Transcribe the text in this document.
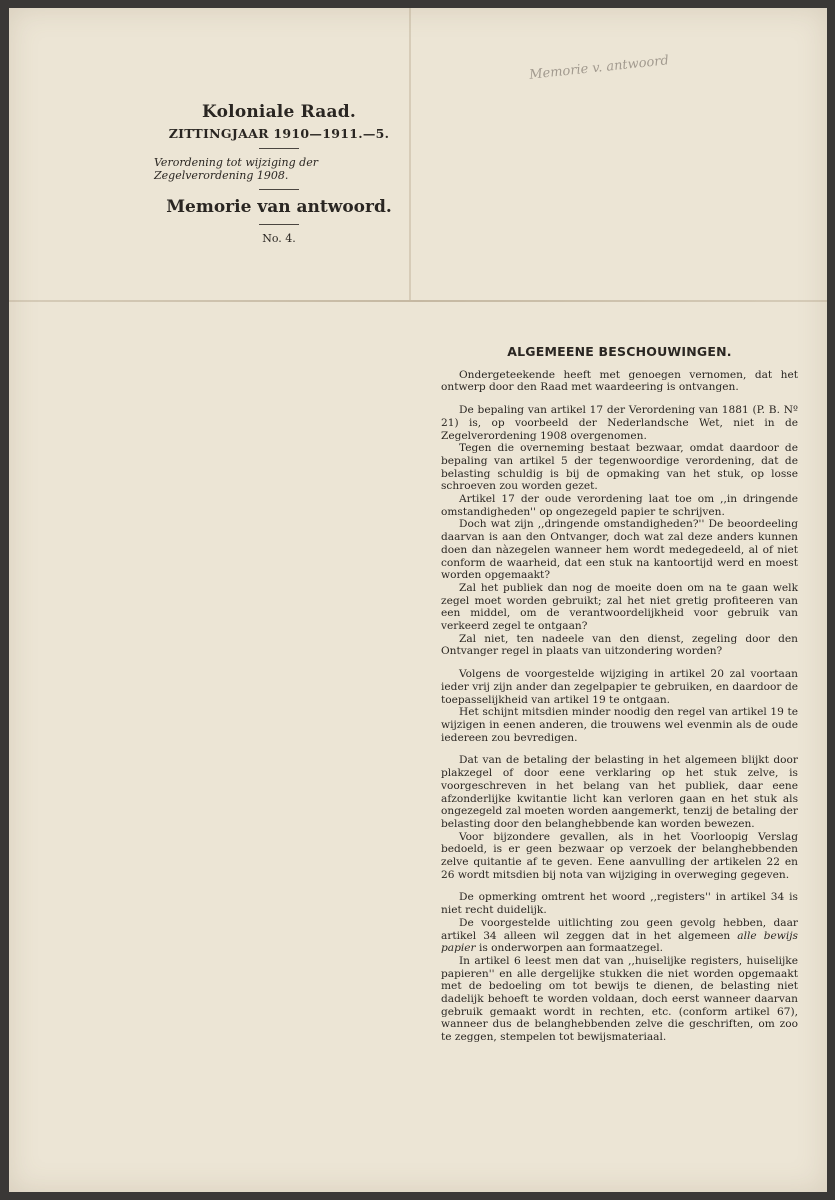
Memorie v. antwoord

Koloniale Raad.

ZITTINGJAAR 1910—1911.—5.

Verordening tot wijziging der Zegelverordening 1908.

Memorie van antwoord.

No. 4.

ALGEMEENE BESCHOUWINGEN.

Ondergeteekende heeft met genoegen vernomen, dat het ontwerp door den Raad met waardeering is ontvangen.

De bepaling van artikel 17 der Verordening van 1881 (P. B. Nº 21) is, op voorbeeld der Nederlandsche Wet, niet in de Zegelverordening 1908 overgenomen.

Tegen die overneming bestaat bezwaar, omdat daardoor de bepaling van artikel 5 der tegenwoordige verordening, dat de belasting schuldig is bij de opmaking van het stuk, op losse schroeven zou worden gezet.

Artikel 17 der oude verordening laat toe om ,,in dringende omstandigheden'' op ongezegeld papier te schrijven.

Doch wat zijn ,,dringende omstandigheden?'' De beoordeeling daarvan is aan den Ontvanger, doch wat zal deze anders kunnen doen dan nàzegelen wanneer hem wordt medegedeeld, al of niet conform de waarheid, dat een stuk na kantoortijd werd en moest worden opgemaakt?

Zal het publiek dan nog de moeite doen om na te gaan welk zegel moet worden gebruikt; zal het niet gretig profiteeren van een middel, om de verantwoordelijkheid voor gebruik van verkeerd zegel te ontgaan?

Zal niet, ten nadeele van den dienst, zegeling door den Ontvanger regel in plaats van uitzondering worden?

Volgens de voorgestelde wijziging in artikel 20 zal voortaan ieder vrij zijn ander dan zegelpapier te gebruiken, en daardoor de toepasselijkheid van artikel 19 te ontgaan.

Het schijnt mitsdien minder noodig den regel van artikel 19 te wijzigen in eenen anderen, die trouwens wel evenmin als de oude iedereen zou bevredigen.

Dat van de betaling der belasting in het algemeen blijkt door plakzegel of door eene verklaring op het stuk zelve, is voorgeschreven in het belang van het publiek, daar eene afzonderlijke kwitantie licht kan verloren gaan en het stuk als ongezegeld zal moeten worden aangemerkt, tenzij de betaling der belasting door den belanghebbende kan worden bewezen.

Voor bijzondere gevallen, als in het Voorloopig Verslag bedoeld, is er geen bezwaar op verzoek der belanghebbenden zelve quitantie af te geven. Eene aanvulling der artikelen 22 en 26 wordt mitsdien bij nota van wijziging in overweging gegeven.

De opmerking omtrent het woord ,,registers'' in artikel 34 is niet recht duidelijk.

De voorgestelde uitlichting zou geen gevolg hebben, daar artikel 34 alleen wil zeggen dat in het algemeen alle bewijs papier is onderworpen aan formaatzegel.

In artikel 6 leest men dat van ,,huiselijke registers, huiselijke papieren'' en alle dergelijke stukken die niet worden opgemaakt met de bedoeling om tot bewijs te dienen, de belasting niet dadelijk behoeft te worden voldaan, doch eerst wanneer daarvan gebruik gemaakt wordt in rechten, etc. (conform artikel 67), wanneer dus de belanghebbenden zelve die geschriften, om zoo te zeggen, stempelen tot bewijsmateriaal.
